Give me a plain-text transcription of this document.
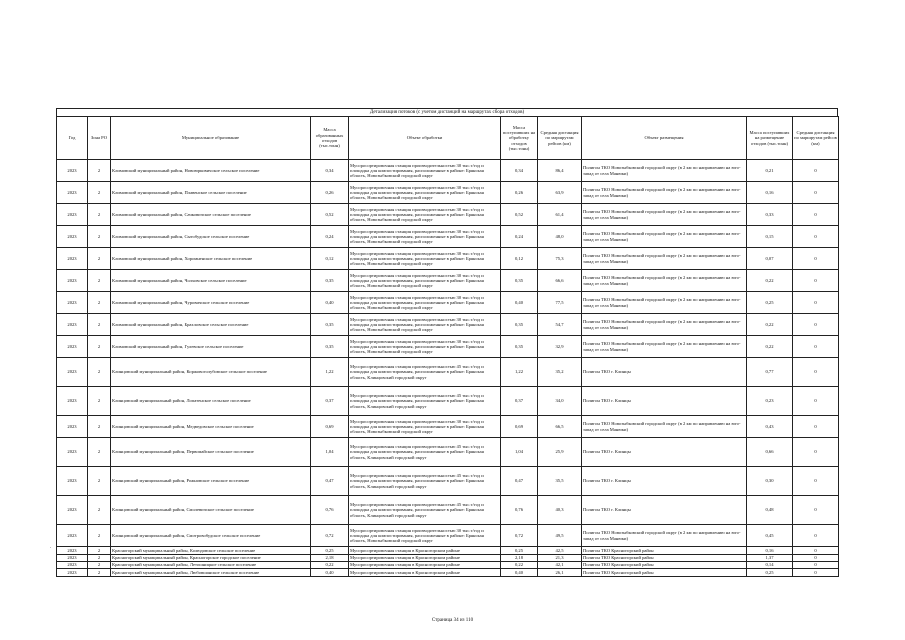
.
Детализация потоков (с учетом дистанций на маршрутах сбора отходов)
Год	Зона РО	Муниципальное образование	Масса образованных отходов (тыс.тонн)	Объект обработки	Масса поступивших на обработку отходов (тыс.тонн)	Средняя дистанция по маршрутам рейсов (км)	Объект размещения	Масса поступивших на размещение отходов (тыс.тонн)	Средняя дистанция по маршрутам рейсов (км)
2023	2	Климовский муниципальный район, Новоюрковичское сельское поселение	0,34	Мусоросортировочная станция производительностью 30 тыс.т/год и площадка для компостирования, расположенные в районе: Брянская область, Новозыбковский городской округ	0,34	86,4	Полигон ТКО Новозыбковский городской округ (в 2 км по направлению на юго-запад от села Манюки)	0,21	0
2023	2	Климовский муниципальный район, Плавенское сельское поселение	0,26	Мусоросортировочная станция производительностью 30 тыс.т/год и площадка для компостирования, расположенные в районе: Брянская область, Новозыбковский городской округ	0,26	63,9	Полигон ТКО Новозыбковский городской округ (в 2 км по направлению на юго-запад от села Манюки)	0,16	0
2023	2	Климовский муниципальный район, Сачковичское сельское поселение	0,52	Мусоросортировочная станция производительностью 30 тыс.т/год и площадка для компостирования, расположенные в районе: Брянская область, Новозыбковский городской округ	0,52	61,4	Полигон ТКО Новозыбковский городской округ (в 2 км по направлению на юго-запад от села Манюки)	0,33	0
2023	2	Климовский муниципальный район, Сытобудское сельское поселение	0,24	Мусоросортировочная станция производительностью 30 тыс.т/год и площадка для компостирования, расположенные в районе: Брянская область, Новозыбковский городской округ	0,24	48,0	Полигон ТКО Новозыбковский городской округ (в 2 км по направлению на юго-запад от села Манюки)	0,15	0
2023	2	Климовский муниципальный район, Хоромненское сельское поселение	0,12	Мусоросортировочная станция производительностью 30 тыс.т/год и площадка для компостирования, расположенные в районе: Брянская область, Новозыбковский городской округ	0,12	75,3	Полигон ТКО Новозыбковский городской округ (в 2 км по направлению на юго-запад от села Манюки)	0,07	0
2023	2	Климовский муниципальный район, Чолховское сельское поселение	0,35	Мусоросортировочная станция производительностью 30 тыс.т/год и площадка для компостирования, расположенные в районе: Брянская область, Новозыбковский городской округ	0,35	66,6	Полигон ТКО Новозыбковский городской округ (в 2 км по направлению на юго-запад от села Манюки)	0,22	0
2023	2	Климовский муниципальный район, Чуровичское сельское поселение	0,40	Мусоросортировочная станция производительностью 30 тыс.т/год и площадка для компостирования, расположенные в районе: Брянская область, Новозыбковский городской округ	0,40	77,5	Полигон ТКО Новозыбковский городской округ (в 2 км по направлению на юго-запад от села Манюки)	0,25	0
2023	2	Климовский муниципальный район, Брахловское сельское поселение	0,35	Мусоросортировочная станция производительностью 30 тыс.т/год и площадка для компостирования, расположенные в районе: Брянская область, Новозыбковский городской округ	0,35	54,7	Полигон ТКО Новозыбковский городской округ (в 2 км по направлению на юго-запад от села Манюки)	0,22	0
2023	2	Климовский муниципальный район, Гулевское сельское поселение	0,35	Мусоросортировочная станция производительностью 30 тыс.т/год и площадка для компостирования, расположенные в районе: Брянская область, Новозыбковский городской округ	0,35	32,9	Полигон ТКО Новозыбковский городской округ (в 2 км по направлению на юго-запад от села Манюки)	0,22	0
2023	2	Клинцовский муниципальный район, Коржовоголубовское сельское поселение	1,22	Мусоросортировочная станция производительностью 45 тыс.т/год и площадка для компостирования, расположенные в районе: Брянская область, Клинцовский городской округ	1,22	35,2	Полигон ТКО г. Клинцы	0,77	0
2023	2	Клинцовский муниципальный район, Лопатенское сельское поселение	0,37	Мусоросортировочная станция производительностью 45 тыс.т/год и площадка для компостирования, расположенные в районе: Брянская область, Клинцовский городской округ	0,37	34,0	Полигон ТКО г. Клинцы	0,23	0
2023	2	Клинцовский муниципальный район, Медведовское сельское поселение	0,69	Мусоросортировочная станция производительностью 30 тыс.т/год и площадка для компостирования, расположенные в районе: Брянская область, Новозыбковский городской округ	0,69	66,5	Полигон ТКО Новозыбковский городской округ (в 2 км по направлению на юго-запад от села Манюки)	0,43	0
2023	2	Клинцовский муниципальный район, Первомайское сельское поселение	1,04	Мусоросортировочная станция производительностью 45 тыс.т/год и площадка для компостирования, расположенные в районе: Брянская область, Клинцовский городской округ	1,04	25,9	Полигон ТКО г. Клинцы	0,66	0
2023	2	Клинцовский муниципальный район, Рожновское сельское поселение	0,47	Мусоросортировочная станция производительностью 45 тыс.т/год и площадка для компостирования, расположенные в районе: Брянская область, Клинцовский городской округ	0,47	35,5	Полигон ТКО г. Клинцы	0,30	0
2023	2	Клинцовский муниципальный район, Смолевичское сельское поселение	0,76	Мусоросортировочная станция производительностью 45 тыс.т/год и площадка для компостирования, расположенные в районе: Брянская область, Клинцовский городской округ	0,76	40,3	Полигон ТКО г. Клинцы	0,48	0
2023	2	Клинцовский муниципальный район, Смотровобудское сельское поселение	0,72	Мусоросортировочная станция производительностью 30 тыс.т/год и площадка для компостирования, расположенные в районе: Брянская область, Новозыбковский городской округ	0,72	49,5	Полигон ТКО Новозыбковский городской округ (в 2 км по направлению на юго-запад от села Манюки)	0,45	0
2023	2	Красногорский муниципальный район, Колюдовское сельское поселение	0,25	Мусоросортировочная станция в Красногорском районе	0,25	42,5	Полигон ТКО Красногорский район	0,16	0
2023	2	Красногорский муниципальный район, Красногорское городское поселение	2,18	Мусоросортировочная станция в Красногорском районе	2,18	21,3	Полигон ТКО Красногорский район	1,37	0
2023	2	Красногорский муниципальный район, Летошницкое сельское поселение	0,22	Мусоросортировочная станция в Красногорском районе	0,22	42,1	Полигон ТКО Красногорский район	0,14	0
2023	2	Красногорский муниципальный район, Любовшанское сельское поселение	0,40	Мусоросортировочная станция в Красногорском районе	0,40	26,1	Полигон ТКО Красногорский район	0,25	0
Страница 34 из 110
